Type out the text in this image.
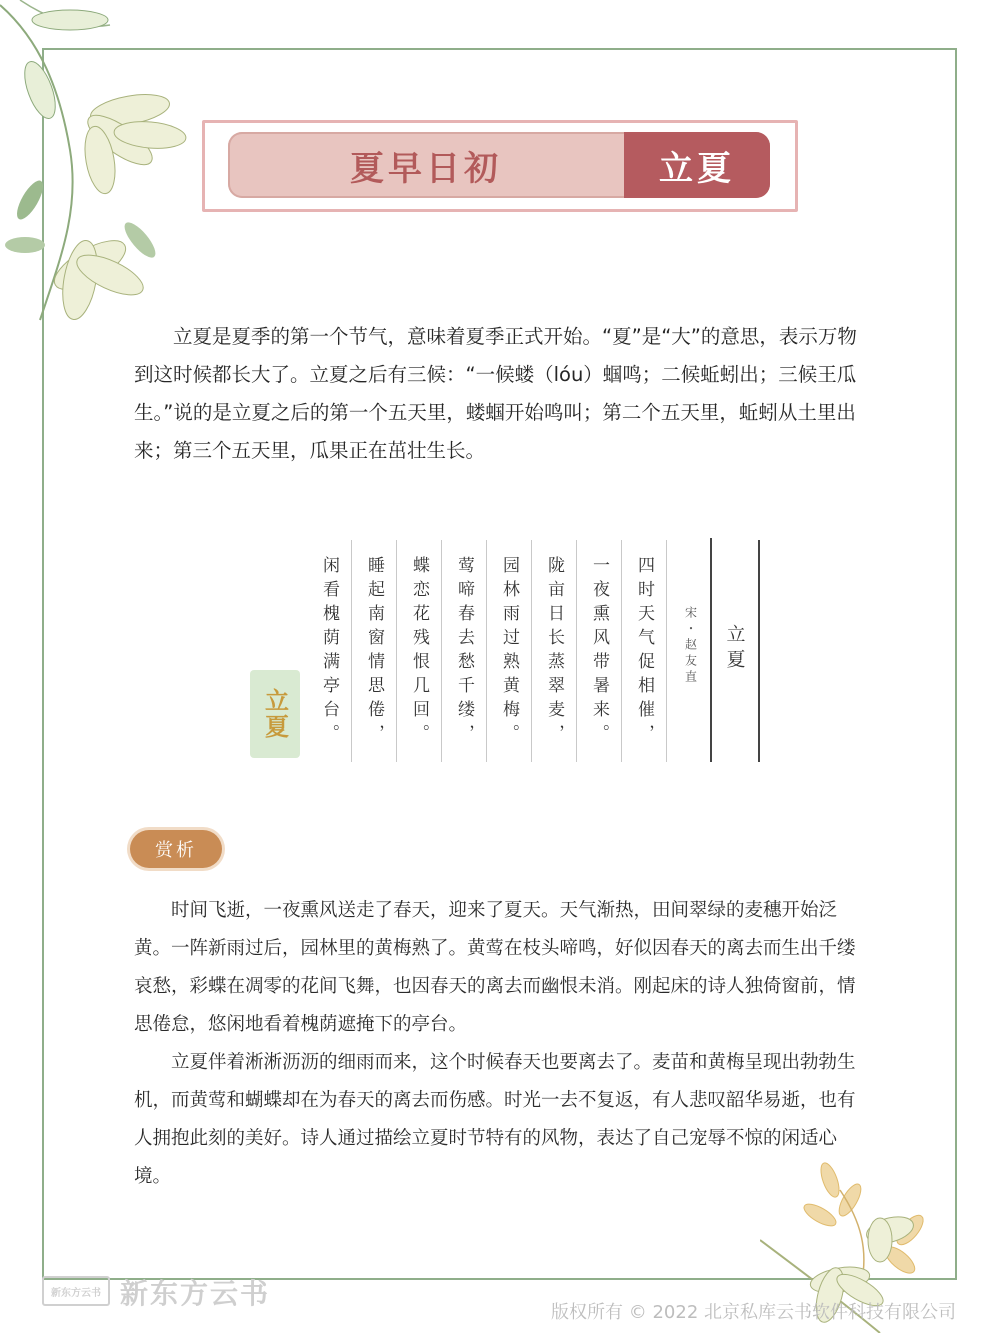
夏早日初	立夏

立夏是夏季的第一个节气，意味着夏季正式开始。“夏”是“大”的意思，表示万物到这时候都长大了。立夏之后有三候：“一候蝼（lóu）蝈鸣；二候蚯蚓出；三候王瓜生。”说的是立夏之后的第一个五天里，蝼蝈开始鸣叫；第二个五天里，蚯蚓从土里出来；第三个五天里，瓜果正在茁壮生长。

立夏	闲看槐荫满亭台。	睡起南窗情思倦，	蝶恋花残恨几回。	莺啼春去愁千缕，	园林雨过熟黄梅。	陇亩日长蒸翠麦，	一夜熏风带暑来。	四时天气促相催，	宋・赵友直	立夏
赏析

时间飞逝，一夜熏风送走了春天，迎来了夏天。天气渐热，田间翠绿的麦穗开始泛黄。一阵新雨过后，园林里的黄梅熟了。黄莺在枝头啼鸣，好似因春天的离去而生出千缕哀愁，彩蝶在凋零的花间飞舞，也因春天的离去而幽恨未消。刚起床的诗人独倚窗前，情思倦怠，悠闲地看着槐荫遮掩下的亭台。

立夏伴着淅淅沥沥的细雨而来，这个时候春天也要离去了。麦苗和黄梅呈现出勃勃生机，而黄莺和蝴蝶却在为春天的离去而伤感。时光一去不复返，有人悲叹韶华易逝，也有人拥抱此刻的美好。诗人通过描绘立夏时节特有的风物，表达了自己宠辱不惊的闲适心境。

新东方云书 新东方云书
版权所有 © 2022 北京私库云书软件科技有限公司
